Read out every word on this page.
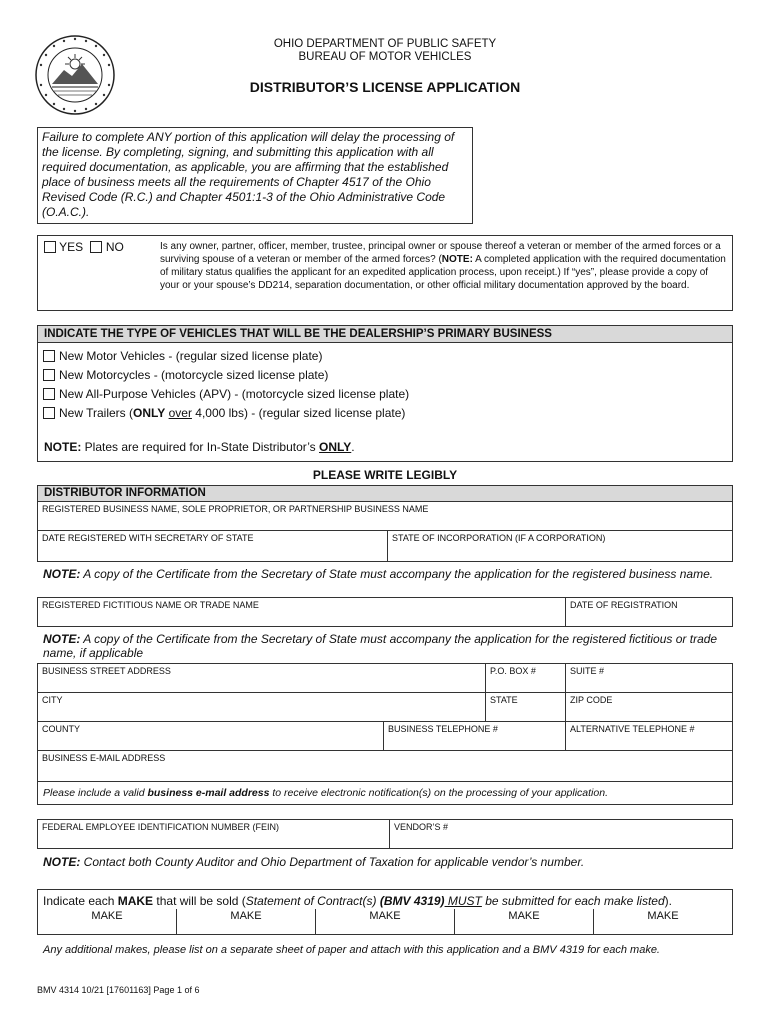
OHIO DEPARTMENT OF PUBLIC SAFETY
BUREAU OF MOTOR VEHICLES
DISTRIBUTOR’S LICENSE APPLICATION
Failure to complete ANY portion of this application will delay the processing of the license. By completing, signing, and submitting this application with all required documentation, as applicable, you are affirming that the established place of business meets all the requirements of Chapter 4517 of the Ohio Revised Code (R.C.) and Chapter 4501:1-3 of the Ohio Administrative Code (O.A.C.).
YES NO	Is any owner, partner, officer, member, trustee, principal owner or spouse thereof a veteran or member of the armed forces or a surviving spouse of a veteran or member of the armed forces? (NOTE: A completed application with the required documentation of military status qualifies the applicant for an expedited application process, upon receipt.) If “yes”, please provide a copy of your or your spouse’s DD214, separation documentation, or other official military documentation approved by the board.
INDICATE THE TYPE OF VEHICLES THAT WILL BE THE DEALERSHIP’S PRIMARY BUSINESS
New Motor Vehicles - (regular sized license plate)
New Motorcycles - (motorcycle sized license plate)
New All-Purpose Vehicles (APV) - (motorcycle sized license plate)
New Trailers (ONLY over 4,000 lbs) - (regular sized license plate)
NOTE: Plates are required for In-State Distributor’s ONLY.
PLEASE WRITE LEGIBLY
DISTRIBUTOR INFORMATION
REGISTERED BUSINESS NAME, SOLE PROPRIETOR, OR PARTNERSHIP BUSINESS NAME
DATE REGISTERED WITH SECRETARY OF STATE	STATE OF INCORPORATION (IF A CORPORATION)
NOTE: A copy of the Certificate from the Secretary of State must accompany the application for the registered business name.
REGISTERED FICTITIOUS NAME OR TRADE NAME	DATE OF REGISTRATION
NOTE: A copy of the Certificate from the Secretary of State must accompany the application for the registered fictitious or trade name, if applicable
BUSINESS STREET ADDRESS	P.O. BOX #	SUITE #
CITY	STATE	ZIP CODE
COUNTY	BUSINESS TELEPHONE #	ALTERNATIVE TELEPHONE #
BUSINESS E-MAIL ADDRESS
Please include a valid business e-mail address to receive electronic notification(s) on the processing of your application.
FEDERAL EMPLOYEE IDENTIFICATION NUMBER (FEIN)	VENDOR’S #
NOTE: Contact both County Auditor and Ohio Department of Taxation for applicable vendor’s number.
Indicate each MAKE that will be sold (Statement of Contract(s) (BMV 4319) MUST be submitted for each make listed).
MAKE	MAKE	MAKE	MAKE	MAKE
Any additional makes, please list on a separate sheet of paper and attach with this application and a BMV 4319 for each make.
BMV 4314 10/21 [17601163] Page 1 of 6
